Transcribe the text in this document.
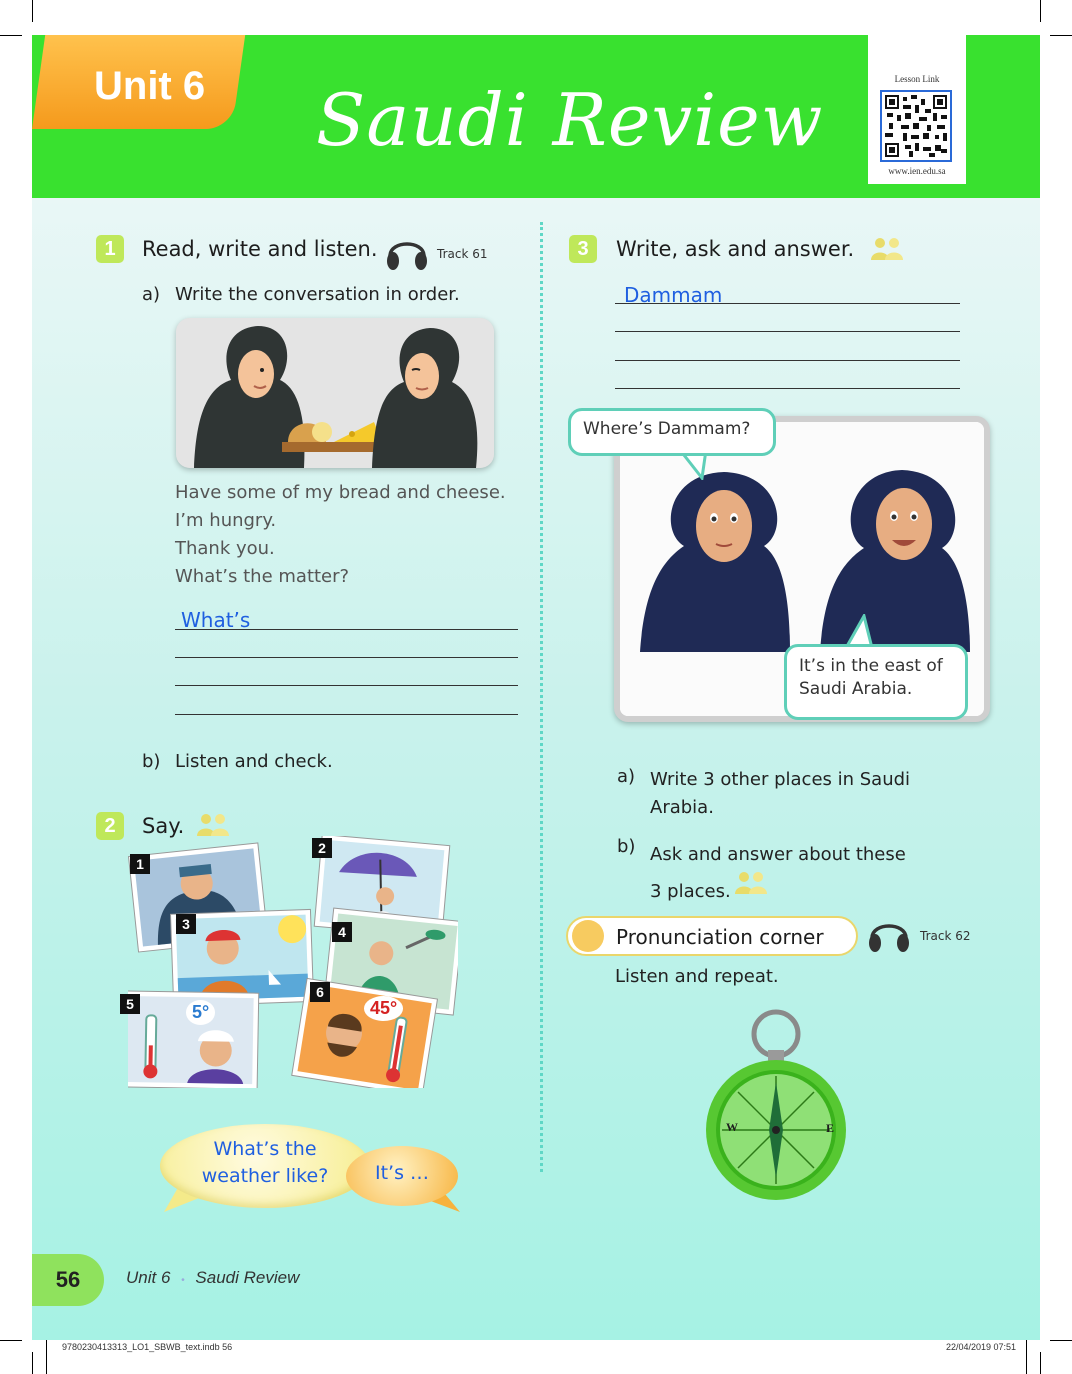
Unit 6 Saudi Review	Lesson Link
www.ien.edu.sa
1	Read, write and listen.	Track 61
a) Write the conversation in order.
Have some of my bread and cheese.
I’m hungry.
Thank you.
What’s the matter?
What’s
b) Listen and check.
2	Say.
1
2
3	4
5
6
5°	45°
What’s the weather like?	It’s …
3	Write, ask and answer.
Dammam
Where’s Dammam?
It’s in the east of Saudi Arabia.
a) Write 3 other places in Saudi Arabia.
b) Ask and answer about these 3 places.
Pronunciation corner	Track 62
Listen and repeat.
W	E
56	Unit 6 • Saudi Review
9780230413313_LO1_SBWB_text.indb 56	22/04/2019 07:51
